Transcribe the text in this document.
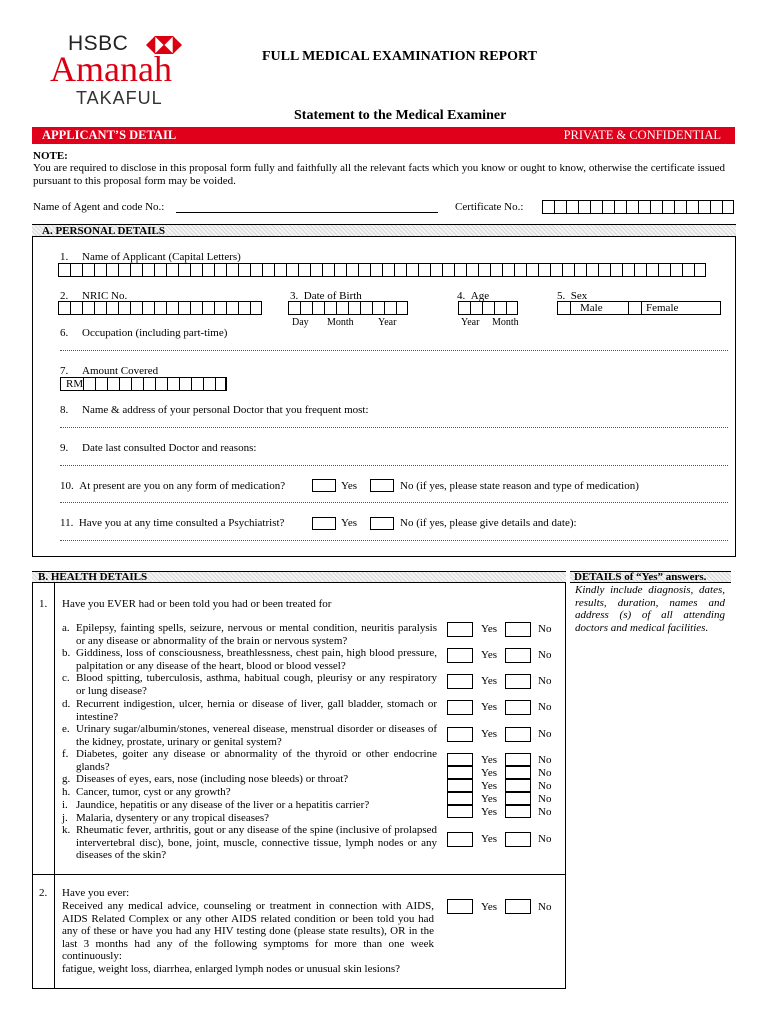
HSBC
Amanah
TAKAFUL
FULL MEDICAL EXAMINATION REPORT
Statement to the Medical Examiner
APPLICANT’S DETAIL	PRIVATE & CONFIDENTIAL
NOTE:
You are required to disclose in this proposal form fully and faithfully all the relevant facts which you know or ought to know, otherwise the certificate issued pursuant to this proposal form may be voided.
Name of Agent and code No.:	Certificate No.:
A. PERSONAL DETAILS
1.     Name of Applicant (Capital Letters)
2.     NRIC No.	3.  Date of Birth
Day Month Year
4.  Age
Year Month
5.  Sex
Male	Female
6.     Occupation (including part-time)
7.     Amount Covered
RM
8.     Name & address of your personal Doctor that you frequent most:
9.     Date last consulted Doctor and reasons:
10.  At present are you on any form of medication?	Yes	No (if yes, please state reason and type of medication)
11.  Have you at any time consulted a Psychiatrist?	Yes	No (if yes, please give details and date):
B. HEALTH DETAILS	DETAILS of “Yes” answers.
Kindly include diagnosis, dates, results, duration, names and address (s) of all attending doctors and medical facilities.
1. Have you EVER had or been told you had or been treated for
a. Epilepsy, fainting spells, seizure, nervous or mental condition, neuritis paralysis or any disease or abnormality of the brain or nervous system?
Yes	No
b. Giddiness, loss of consciousness, breathlessness, chest pain, high blood pressure, palpitation or any disease of the heart, blood or blood vessel?
Yes	No
c. Blood spitting, tuberculosis, asthma, habitual cough, pleurisy or any respiratory or lung disease?
Yes	No
d. Recurrent indigestion, ulcer, hernia or disease of liver, gall bladder, stomach or intestine?
Yes	No
e. Urinary sugar/albumin/stones, venereal disease, menstrual disorder or diseases of the kidney, prostate, urinary or genital system?
Yes	No
f. Diabetes, goiter any disease or abnormality of the thyroid or other endocrine glands?
Yes	No
g. Diseases of eyes, ears, nose (including nose bleeds) or throat?	Yes	No
h. Cancer, tumor, cyst or any growth?	Yes	No
i. Jaundice, hepatitis or any disease of the liver or a hepatitis carrier?	Yes	No
j. Malaria, dysentery or any tropical diseases?	Yes	No
k. Rheumatic fever, arthritis, gout or any disease of the spine (inclusive of prolapsed intervertebral disc), bone, joint, muscle, connective tissue, lymph nodes or any diseases of the skin?
Yes	No
2. Have you ever:
Received any medical advice, counseling or treatment in connection with AIDS, AIDS Related Complex or any other AIDS related condition or been told you had any of these or have you had any HIV testing done (please state results), OR in the last 3 months had any of the following symptoms for more than one week continuously:
fatigue, weight loss, diarrhea, enlarged lymph nodes or unusual skin lesions?
Yes	No
